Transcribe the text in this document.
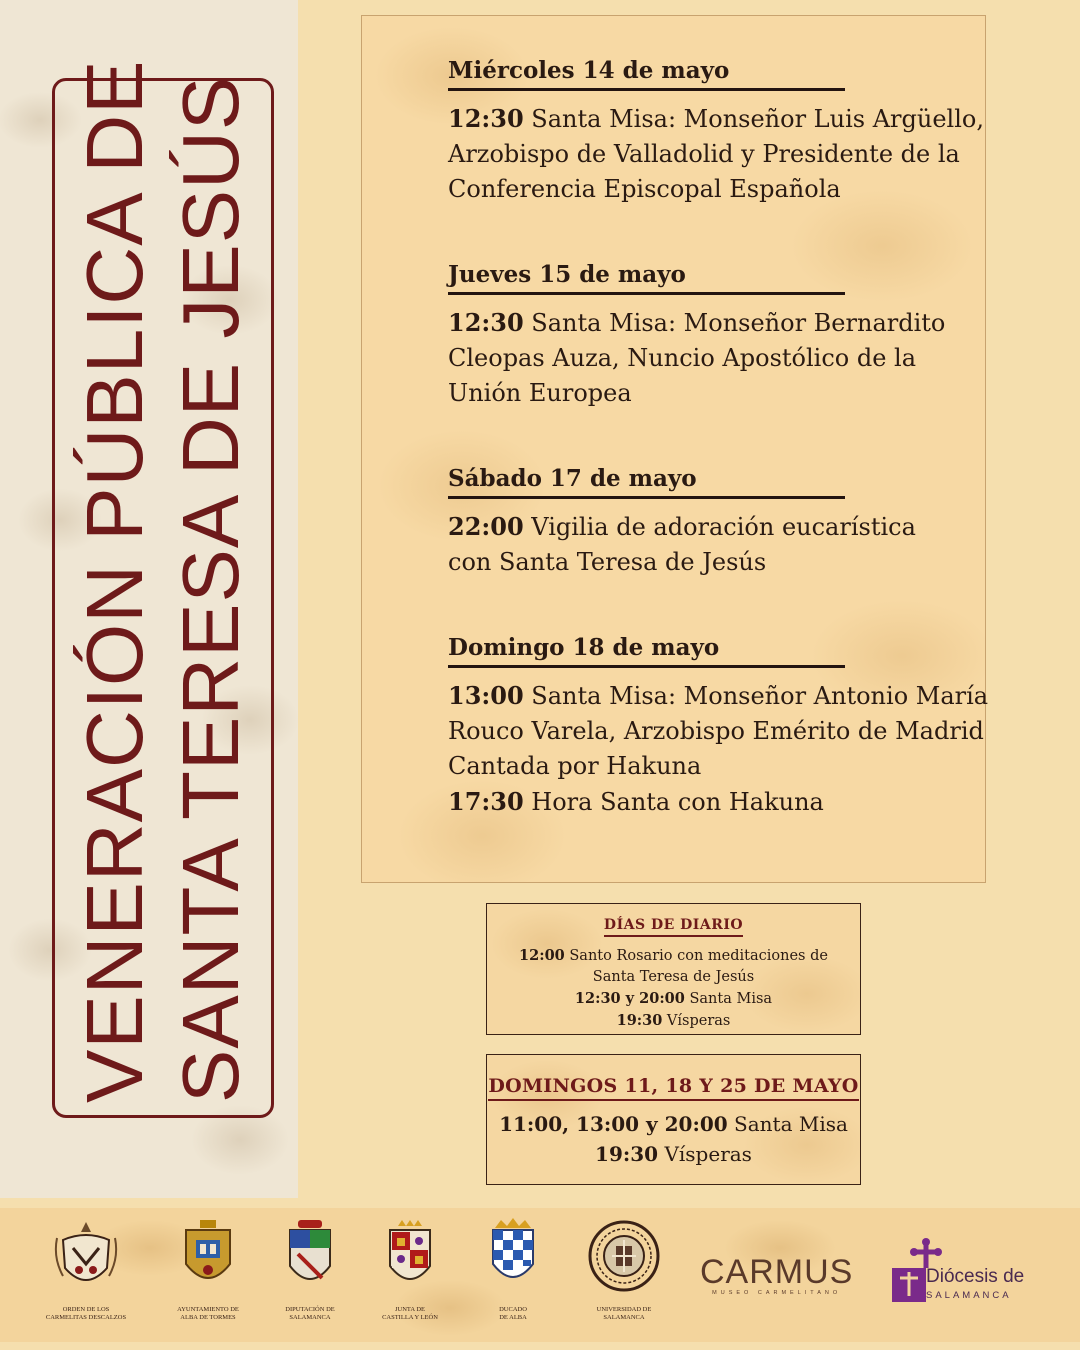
VENERACIÓN PÚBLICA DE SANTA TERESA DE JESÚS
Miércoles 14 de mayo
12:30 Santa Misa: Monseñor Luis Argüello,
Arzobispo de Valladolid y Presidente de la
Conferencia Episcopal Española
Jueves 15 de mayo
12:30 Santa Misa: Monseñor Bernardito
Cleopas Auza, Nuncio Apostólico de la
Unión Europea
Sábado 17 de mayo
22:00 Vigilia de adoración eucarística
con Santa Teresa de Jesús
Domingo 18 de mayo
13:00 Santa Misa: Monseñor Antonio María
Rouco Varela, Arzobispo Emérito de Madrid
Cantada por Hakuna
17:30 Hora Santa con Hakuna
DÍAS DE DIARIO
12:00 Santo Rosario con meditaciones de
Santa Teresa de Jesús
12:30 y 20:00 Santa Misa
19:30 Vísperas
DOMINGOS 11, 18 Y 25 DE MAYO
11:00, 13:00 y 20:00 Santa Misa
19:30 Vísperas
ORDEN DE LOS
CARMELITAS DESCALZOS
AYUNTAMIENTO DE
ALBA DE TORMES
DIPUTACIÓN DE
SALAMANCA
JUNTA DE
CASTILLA Y LEÓN
DUCADO
DE ALBA
UNIVERSIDAD DE
SALAMANCA
CARMUS
MUSEO CARMELITANO
Diócesis de
SALAMANCA
